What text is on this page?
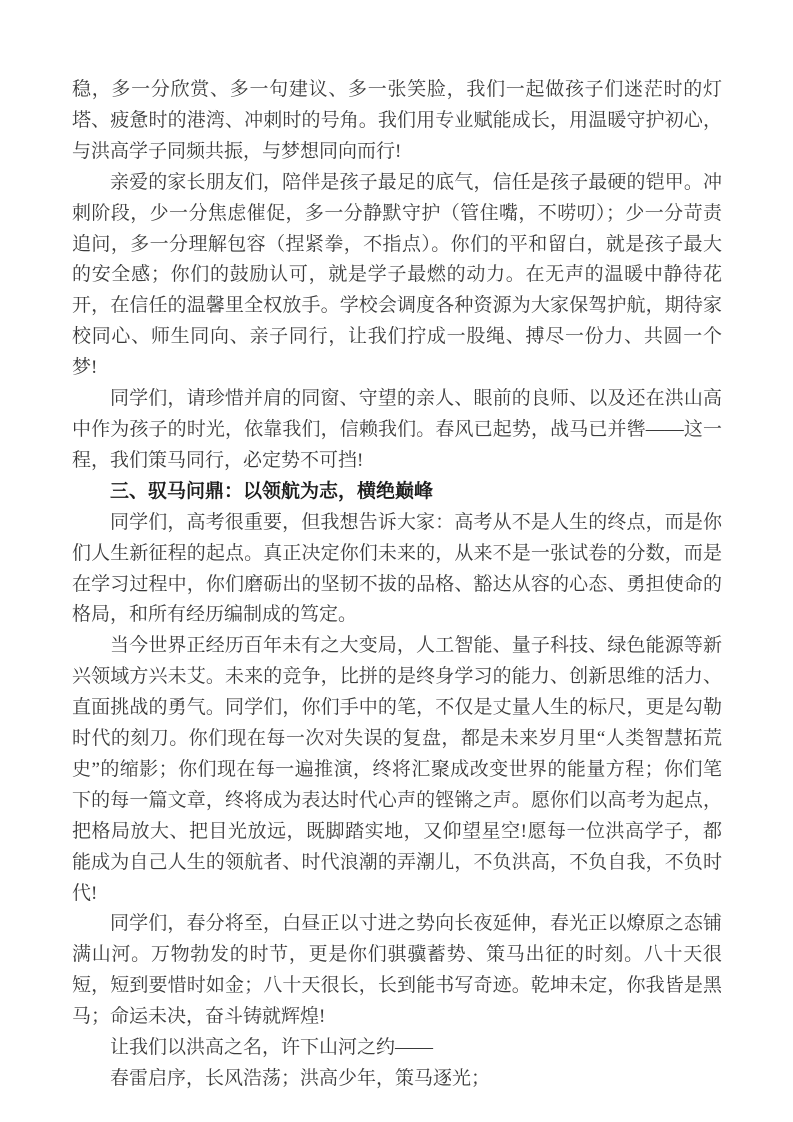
稳，多一分欣赏、多一句建议、多一张笑脸，我们一起做孩子们迷茫时的灯塔、疲惫时的港湾、冲刺时的号角。我们用专业赋能成长，用温暖守护初心，与洪高学子同频共振，与梦想同向而行!

亲爱的家长朋友们，陪伴是孩子最足的底气，信任是孩子最硬的铠甲。冲刺阶段，少一分焦虑催促，多一分静默守护（管住嘴，不唠叨）；少一分苛责追问，多一分理解包容（捏紧拳，不指点）。你们的平和留白，就是孩子最大的安全感；你们的鼓励认可，就是学子最燃的动力。在无声的温暖中静待花开，在信任的温馨里全权放手。学校会调度各种资源为大家保驾护航，期待家校同心、师生同向、亲子同行，让我们拧成一股绳、搏尽一份力、共圆一个梦!

同学们，请珍惜并肩的同窗、守望的亲人、眼前的良师、以及还在洪山高中作为孩子的时光，依靠我们，信赖我们。春风已起势，战马已并辔——这一程，我们策马同行，必定势不可挡!

三、驭马问鼎：以领航为志，横绝巅峰

同学们，高考很重要，但我想告诉大家：高考从不是人生的终点，而是你们人生新征程的起点。真正决定你们未来的，从来不是一张试卷的分数，而是在学习过程中，你们磨砺出的坚韧不拔的品格、豁达从容的心态、勇担使命的格局，和所有经历编制成的笃定。

当今世界正经历百年未有之大变局，人工智能、量子科技、绿色能源等新兴领域方兴未艾。未来的竞争，比拼的是终身学习的能力、创新思维的活力、直面挑战的勇气。同学们，你们手中的笔，不仅是丈量人生的标尺，更是勾勒时代的刻刀。你们现在每一次对失误的复盘，都是未来岁月里“人类智慧拓荒史”的缩影；你们现在每一遍推演，终将汇聚成改变世界的能量方程；你们笔下的每一篇文章，终将成为表达时代心声的铿锵之声。愿你们以高考为起点，把格局放大、把目光放远，既脚踏实地，又仰望星空!愿每一位洪高学子，都能成为自己人生的领航者、时代浪潮的弄潮儿，不负洪高，不负自我，不负时代!

同学们，春分将至，白昼正以寸进之势向长夜延伸，春光正以燎原之态铺满山河。万物勃发的时节，更是你们骐骥蓄势、策马出征的时刻。八十天很短，短到要惜时如金；八十天很长，长到能书写奇迹。乾坤未定，你我皆是黑马；命运未决，奋斗铸就辉煌!

让我们以洪高之名，许下山河之约——

春雷启序，长风浩荡；洪高少年，策马逐光；
